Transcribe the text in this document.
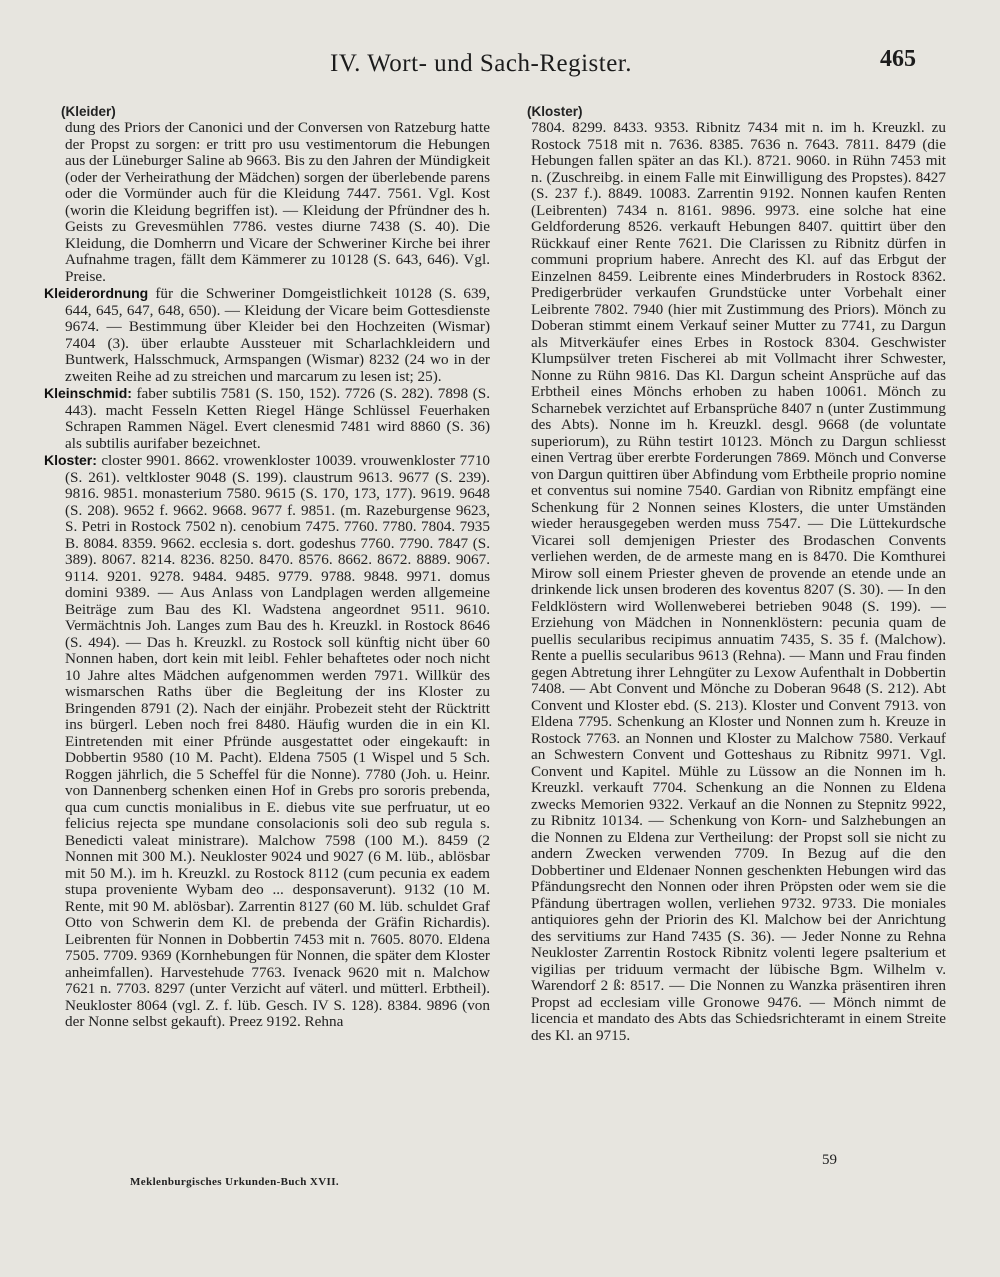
IV. Wort- und Sach-Register.	465

(Kleider)
dung des Priors der Canonici und der Conversen von Ratzeburg hatte der Propst zu sorgen: er tritt pro usu vestimentorum die Hebungen aus der Lüneburger Saline ab 9663. Bis zu den Jahren der Mündigkeit (oder der Verheirathung der Mädchen) sorgen der überlebende parens oder die Vormünder auch für die Kleidung 7447. 7561. Vgl. Kost (worin die Kleidung begriffen ist). — Kleidung der Pfründner des h. Geists zu Grevesmühlen 7786. vestes diurne 7438 (S. 40). Die Kleidung, die Domherrn und Vicare der Schweriner Kirche bei ihrer Aufnahme tragen, fällt dem Kämmerer zu 10128 (S. 643, 646). Vgl. Preise.

Kleiderordnung für die Schweriner Domgeistlichkeit 10128 (S. 639, 644, 645, 647, 648, 650). — Kleidung der Vicare beim Gottesdienste 9674. — Bestimmung über Kleider bei den Hochzeiten (Wismar) 7404 (3). über erlaubte Aussteuer mit Scharlachkleidern und Buntwerk, Halsschmuck, Armspangen (Wismar) 8232 (24 wo in der zweiten Reihe ad zu streichen und marcarum zu lesen ist; 25).

Kleinschmid: faber subtilis 7581 (S. 150, 152). 7726 (S. 282). 7898 (S. 443). macht Fesseln Ketten Riegel Hänge Schlüssel Feuerhaken Schrapen Rammen Nägel. Evert clenesmid 7481 wird 8860 (S. 36) als subtilis aurifaber bezeichnet.

Kloster: closter 9901. 8662. vrowenkloster 10039. vrouwenkloster 7710 (S. 261). veltkloster 9048 (S. 199). claustrum 9613. 9677 (S. 239). 9816. 9851. monasterium 7580. 9615 (S. 170, 173, 177). 9619. 9648 (S. 208). 9652 f. 9662. 9668. 9677 f. 9851. (m. Razeburgense 9623, S. Petri in Rostock 7502 n). cenobium 7475. 7760. 7780. 7804. 7935 B. 8084. 8359. 9662. ecclesia s. dort. godeshus 7760. 7790. 7847 (S. 389). 8067. 8214. 8236. 8250. 8470. 8576. 8662. 8672. 8889. 9067. 9114. 9201. 9278. 9484. 9485. 9779. 9788. 9848. 9971. domus domini 9389. — Aus Anlass von Landplagen werden allgemeine Beiträge zum Bau des Kl. Wadstena angeordnet 9511. 9610. Vermächtnis Joh. Langes zum Bau des h. Kreuzkl. in Rostock 8646 (S. 494). — Das h. Kreuzkl. zu Rostock soll künftig nicht über 60 Nonnen haben, dort kein mit leibl. Fehler behaftetes oder noch nicht 10 Jahre altes Mädchen aufgenommen werden 7971. Willkür des wismarschen Raths über die Begleitung der ins Kloster zu Bringenden 8791 (2). Nach der einjähr. Probezeit steht der Rücktritt ins bürgerl. Leben noch frei 8480. Häufig wurden die in ein Kl. Eintretenden mit einer Pfründe ausgestattet oder eingekauft: in Dobbertin 9580 (10 M. Pacht). Eldena 7505 (1 Wispel und 5 Sch. Roggen jährlich, die 5 Scheffel für die Nonne). 7780 (Joh. u. Heinr. von Dannenberg schenken einen Hof in Grebs pro sororis prebenda, qua cum cunctis monialibus in E. diebus vite sue perfruatur, ut eo felicius rejecta spe mundane consolacionis soli deo sub regula s. Benedicti valeat ministrare). Malchow 7598 (100 M.). 8459 (2 Nonnen mit 300 M.). Neukloster 9024 und 9027 (6 M. lüb., ablösbar mit 50 M.). im h. Kreuzkl. zu Rostock 8112 (cum pecunia ex eadem stupa proveniente Wybam deo ... desponsaverunt). 9132 (10 M. Rente, mit 90 M. ablösbar). Zarrentin 8127 (60 M. lüb. schuldet Graf Otto von Schwerin dem Kl. de prebenda der Gräfin Richardis). Leibrenten für Nonnen in Dobbertin 7453 mit n. 7605. 8070. Eldena 7505. 7709. 9369 (Kornhebungen für Nonnen, die später dem Kloster anheimfallen). Harvestehude 7763. Ivenack 9620 mit n. Malchow 7621 n. 7703. 8297 (unter Verzicht auf väterl. und mütterl. Erbtheil). Neukloster 8064 (vgl. Z. f. lüb. Gesch. IV S. 128). 8384. 9896 (von der Nonne selbst gekauft). Preez 9192. Rehna

(Kloster)
7804. 8299. 8433. 9353. Ribnitz 7434 mit n. im h. Kreuzkl. zu Rostock 7518 mit n. 7636. 8385. 7636 n. 7643. 7811. 8479 (die Hebungen fallen später an das Kl.). 8721. 9060. in Rühn 7453 mit n. (Zuschreibg. in einem Falle mit Einwilligung des Propstes). 8427 (S. 237 f.). 8849. 10083. Zarrentin 9192. Nonnen kaufen Renten (Leibrenten) 7434 n. 8161. 9896. 9973. eine solche hat eine Geldforderung 8526. verkauft Hebungen 8407. quittirt über den Rückkauf einer Rente 7621. Die Clarissen zu Ribnitz dürfen in communi proprium habere. Anrecht des Kl. auf das Erbgut der Einzelnen 8459. Leibrente eines Minderbruders in Rostock 8362. Predigerbrüder verkaufen Grundstücke unter Vorbehalt einer Leibrente 7802. 7940 (hier mit Zustimmung des Priors). Mönch zu Doberan stimmt einem Verkauf seiner Mutter zu 7741, zu Dargun als Mitverkäufer eines Erbes in Rostock 8304. Geschwister Klumpsülver treten Fischerei ab mit Vollmacht ihrer Schwester, Nonne zu Rühn 9816. Das Kl. Dargun scheint Ansprüche auf das Erbtheil eines Mönchs erhoben zu haben 10061. Mönch zu Scharnebek verzichtet auf Erbansprüche 8407 n (unter Zustimmung des Abts). Nonne im h. Kreuzkl. desgl. 9668 (de voluntate superiorum), zu Rühn testirt 10123. Mönch zu Dargun schliesst einen Vertrag über ererbte Forderungen 7869. Mönch und Converse von Dargun quittiren über Abfindung vom Erbtheile proprio nomine et conventus sui nomine 7540. Gardian von Ribnitz empfängt eine Schenkung für 2 Nonnen seines Klosters, die unter Umständen wieder herausgegeben werden muss 7547. — Die Lüttekurdsche Vicarei soll demjenigen Priester des Brodaschen Convents verliehen werden, de de armeste mang en is 8470. Die Komthurei Mirow soll einem Priester gheven de provende an etende unde an drinkende lick unsen broderen des koventus 8207 (S. 30). — In den Feldklöstern wird Wollenweberei betrieben 9048 (S. 199). — Erziehung von Mädchen in Nonnenklöstern: pecunia quam de puellis secularibus recipimus annuatim 7435, S. 35 f. (Malchow). Rente a puellis secularibus 9613 (Rehna). — Mann und Frau finden gegen Abtretung ihrer Lehngüter zu Lexow Aufenthalt in Dobbertin 7408. — Abt Convent und Mönche zu Doberan 9648 (S. 212). Abt Convent und Kloster ebd. (S. 213). Kloster und Convent 7913. von Eldena 7795. Schenkung an Kloster und Nonnen zum h. Kreuze in Rostock 7763. an Nonnen und Kloster zu Malchow 7580. Verkauf an Schwestern Convent und Gotteshaus zu Ribnitz 9971. Vgl. Convent und Kapitel. Mühle zu Lüssow an die Nonnen im h. Kreuzkl. verkauft 7704. Schenkung an die Nonnen zu Eldena zwecks Memorien 9322. Verkauf an die Nonnen zu Stepnitz 9922, zu Ribnitz 10134. — Schenkung von Korn- und Salzhebungen an die Nonnen zu Eldena zur Vertheilung: der Propst soll sie nicht zu andern Zwecken verwenden 7709. In Bezug auf die den Dobbertiner und Eldenaer Nonnen geschenkten Hebungen wird das Pfändungsrecht den Nonnen oder ihren Pröpsten oder wem sie die Pfändung übertragen wollen, verliehen 9732. 9733. Die moniales antiquiores gehn der Priorin des Kl. Malchow bei der Anrichtung des servitiums zur Hand 7435 (S. 36). — Jeder Nonne zu Rehna Neukloster Zarrentin Rostock Ribnitz volenti legere psalterium et vigilias per triduum vermacht der lübische Bgm. Wilhelm v. Warendorf 2 ß: 8517. — Die Nonnen zu Wanzka präsentiren ihren Propst ad ecclesiam ville Gronowe 9476. — Mönch nimmt de licencia et mandato des Abts das Schiedsrichteramt in einem Streite des Kl. an 9715.

59
Meklenburgisches Urkunden-Buch XVII.
